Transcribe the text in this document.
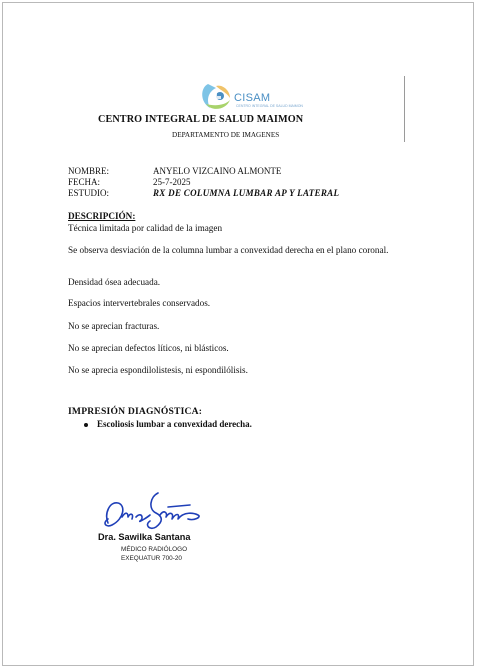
CISAM
CENTRO INTEGRAL DE SALUD MAIMON
CENTRO INTEGRAL DE SALUD MAIMON
DEPARTAMENTO DE IMAGENES
NOMBRE:	ANYELO VIZCAINO ALMONTE
FECHA:	25-7-2025
ESTUDIO:	RX DE COLUMNA LUMBAR AP Y LATERAL
DESCRIPCIÓN:
Técnica limitada por calidad de la imagen
Se observa desviación de la columna lumbar a convexidad derecha en el plano coronal.
Densidad ósea adecuada.
Espacios intervertebrales conservados.
No se aprecian fracturas.
No se aprecian defectos líticos, ni blásticos.
No se aprecia espondilolistesis, ni espondilólisis.
IMPRESIÓN DIAGNÓSTICA:
Escoliosis lumbar a convexidad derecha.
Dra. Sawilka Santana
MÉDICO RADIÓLOGO
EXEQUATUR 700-20
